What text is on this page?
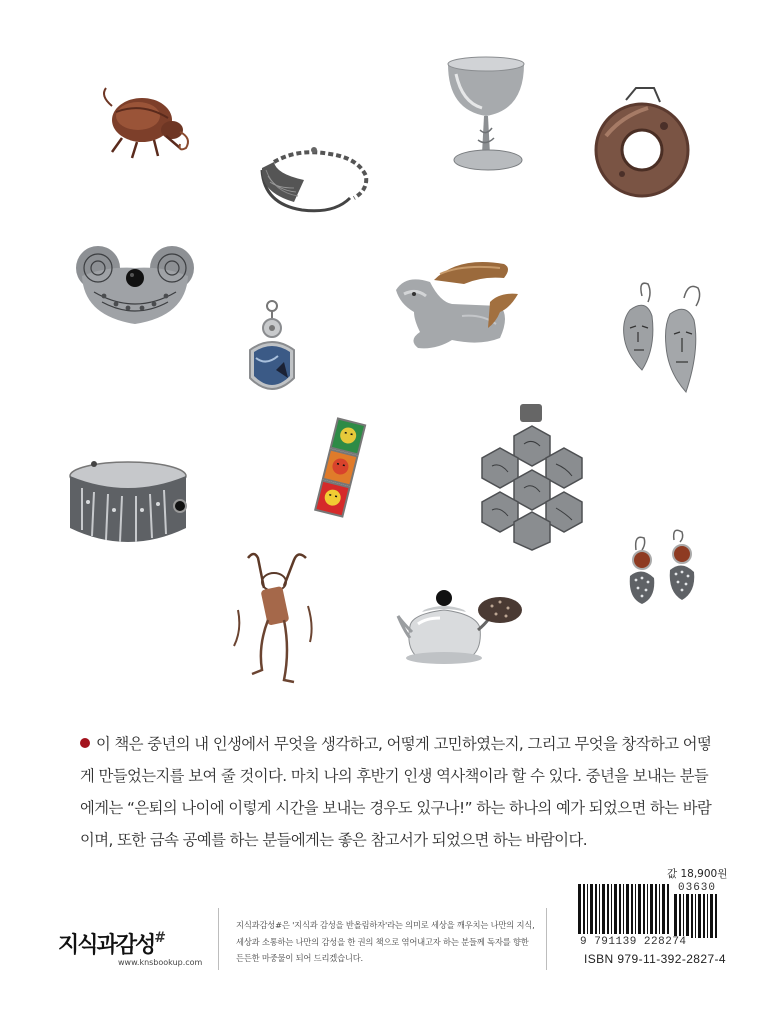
이 책은 중년의 내 인생에서 무엇을 생각하고, 어떻게 고민하였는지, 그리고 무엇을 창작하고 어떻게 만들었는지를 보여 줄 것이다. 마치 나의 후반기 인생 역사책이라 할 수 있다. 중년을 보내는 분들에게는 “은퇴의 나이에 이렇게 시간을 보내는 경우도 있구나!” 하는 하나의 예가 되었으면 하는 바람이며, 또한 금속 공예를 하는 분들에게는 좋은 참고서가 되었으면 하는 바람이다.
값 18,900원
03630
9 791139 228274
ISBN 979-11-392-2827-4
지식과감성#
www.knsbookup.com
지식과감성#은 '지식과 감성을 반올림하자'라는 의미로 세상을 깨우치는 나만의 지식, 세상과 소통하는 나만의 감성을 한 권의 책으로 엮어내고자 하는 분들께 독자를 향한 든든한 마중물이 되어 드리겠습니다.
